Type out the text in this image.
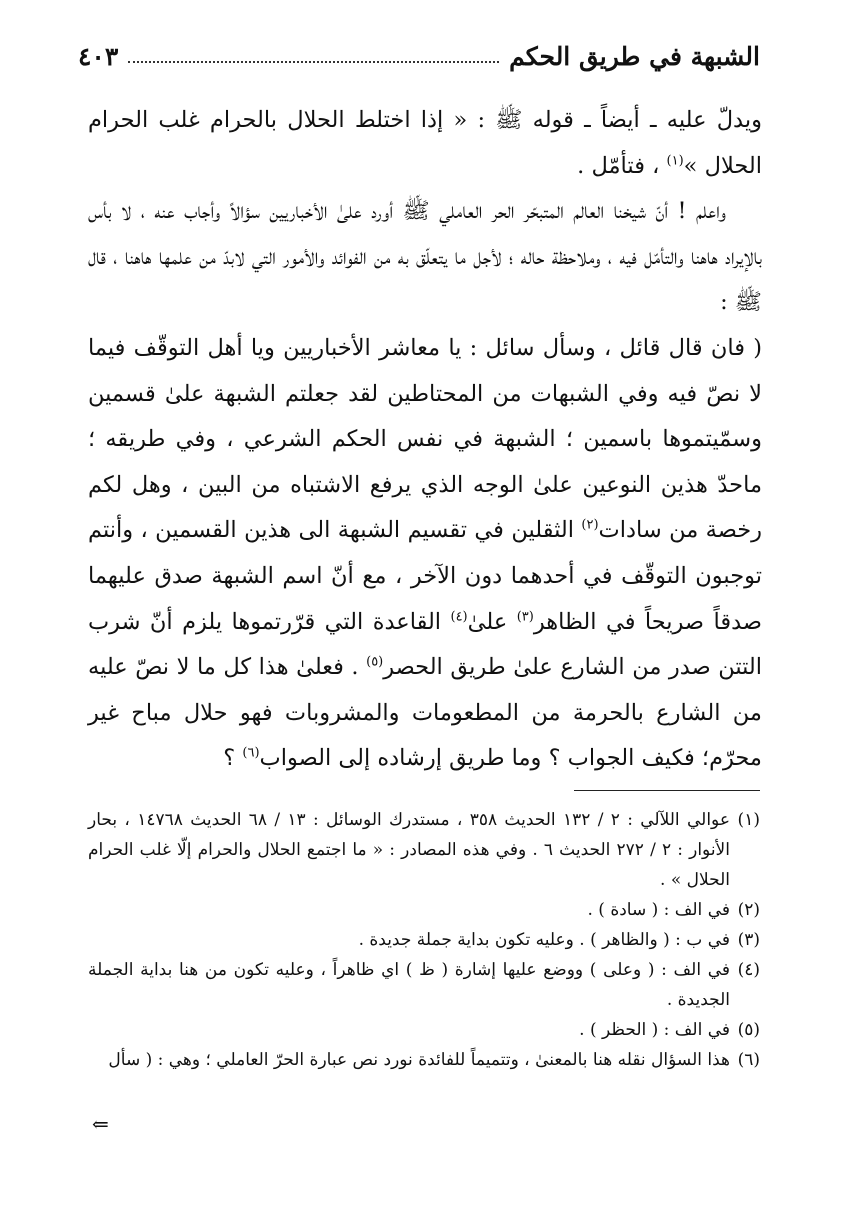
الشبهة في طريق الحكم
٤٠٣

ويدلّ عليه ـ أيضاً ـ قوله ﷺ : « إذا اختلط الحلال بالحرام غلب الحرام الحلال »$^{(١)}$ ، فتأمّل .

واعلم ! أنّ شيخنا العالم المتبحّر الحر العاملي ﷺ أورد علىٰ الأخباريين سؤالاً وأجاب عنه ، لا بأس بالإيراد هاهنا والتأمّل فيه ، وملاحظة حاله ؛ لأجل ما يتعلّق به من الفوائد والأمور التي لابدّ من علمها هاهنا ، قال ﷺ :

( فان قال قائل ، وسأل سائل : يا معاشر الأخباريين ويا أهل التوقّف فيما لا نصّ فيه وفي الشبهات من المحتاطين لقد جعلتم الشبهة علىٰ قسمين وسمّيتموها باسمين ؛ الشبهة في نفس الحكم الشرعي ، وفي طريقه ؛ ماحدّ هذين النوعين علىٰ الوجه الذي يرفع الاشتباه من البين ، وهل لكم رخصة من سادات$^{(٢)}$ الثقلين في تقسيم الشبهة الى هذين القسمين ، وأنتم توجبون التوقّف في أحدهما دون الآخر ، مع أنّ اسم الشبهة صدق عليهما صدقاً صريحاً في الظاهر$^{(٣)}$ علىٰ$^{(٤)}$ القاعدة التي قرّرتموها يلزم أنّ شرب التتن صدر من الشارع علىٰ طريق الحصر$^{(٥)}$ . فعلىٰ هذا كل ما لا نصّ عليه من الشارع بالحرمة من المطعومات والمشروبات فهو حلال مباح غير محرّم؛ فكيف الجواب ؟ وما طريق إرشاده إلى الصواب$^{(٦)}$ ؟

(١)عوالي اللآلي : ٢ / ١٣٢ الحديث ٣٥٨ ، مستدرك الوسائل : ١٣ / ٦٨ الحديث ١٤٧٦٨ ، بحار الأنوار : ٢ / ٢٧٢ الحديث ٦ . وفي هذه المصادر : « ما اجتمع الحلال والحرام إلّا غلب الحرام الحلال » .

(٢)في الف : ( سادة ) .

(٣)في ب : ( والظاهر ) . وعليه تكون بداية جملة جديدة .

(٤)في الف : ( وعلى ) ووضع عليها إشارة ( ظ ) اي ظاهراً ، وعليه تكون من هنا بداية الجملة الجديدة .

(٥)في الف : ( الحظر ) .

(٦)هذا السؤال نقله هنا بالمعنىٰ ، وتتميماً للفائدة نورد نص عبارة الحرّ العاملي ؛ وهي : ( سأل

⇐
